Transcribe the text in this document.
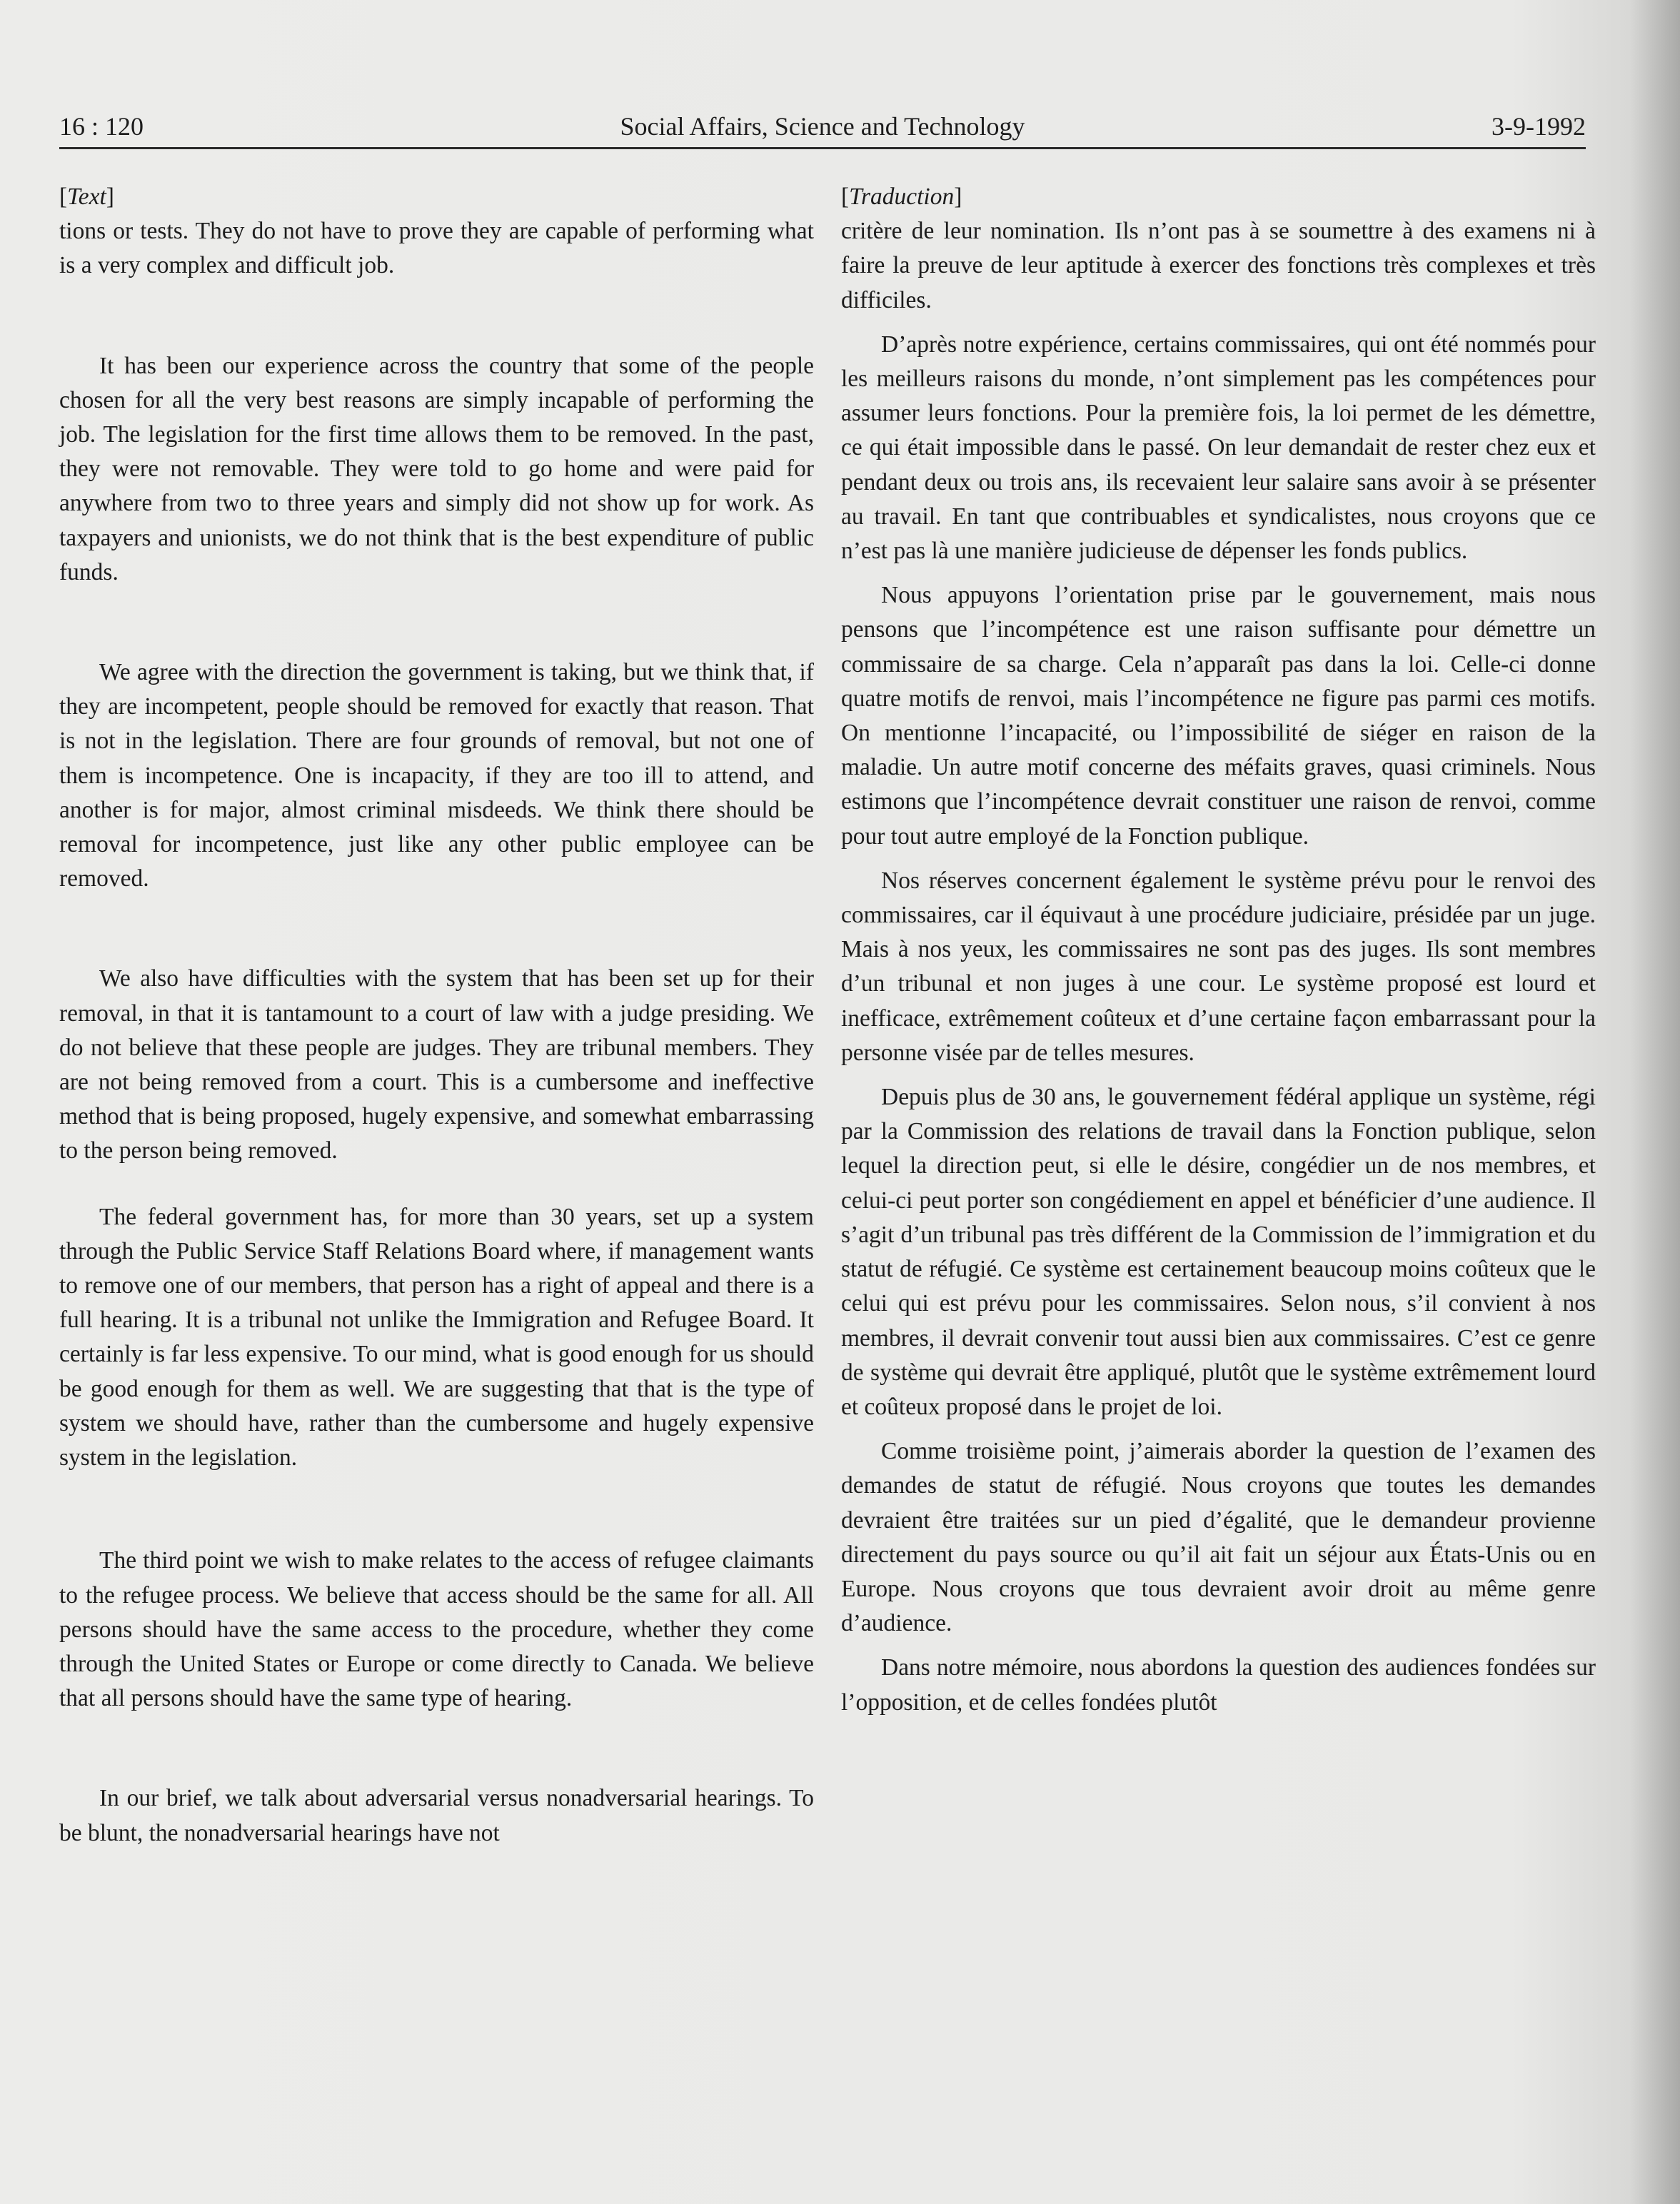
16 : 120	Social Affairs, Science and Technology	3-9-1992
[Text]

tions or tests. They do not have to prove they are capable of performing what is a very complex and difficult job.

It has been our experience across the country that some of the people chosen for all the very best reasons are simply incapable of performing the job. The legislation for the first time allows them to be removed. In the past, they were not removable. They were told to go home and were paid for anywhere from two to three years and simply did not show up for work. As taxpayers and unionists, we do not think that is the best expenditure of public funds.

We agree with the direction the government is taking, but we think that, if they are incompetent, people should be removed for exactly that reason. That is not in the legislation. There are four grounds of removal, but not one of them is incompetence. One is incapacity, if they are too ill to attend, and another is for major, almost criminal misdeeds. We think there should be removal for incompetence, just like any other public employee can be removed.

We also have difficulties with the system that has been set up for their removal, in that it is tantamount to a court of law with a judge presiding. We do not believe that these people are judges. They are tribunal members. They are not being removed from a court. This is a cumbersome and ineffective method that is being proposed, hugely expensive, and somewhat embarrassing to the person being removed.

The federal government has, for more than 30 years, set up a system through the Public Service Staff Relations Board where, if management wants to remove one of our members, that person has a right of appeal and there is a full hearing. It is a tribunal not unlike the Immigration and Refugee Board. It certainly is far less expensive. To our mind, what is good enough for us should be good enough for them as well. We are suggesting that that is the type of system we should have, rather than the cumbersome and hugely expensive system in the legislation.

The third point we wish to make relates to the access of refugee claimants to the refugee process. We believe that access should be the same for all. All persons should have the same access to the procedure, whether they come through the United States or Europe or come directly to Canada. We believe that all persons should have the same type of hearing.

In our brief, we talk about adversarial versus nonadversarial hearings. To be blunt, the nonadversarial hearings have not

[Traduction]

critère de leur nomination. Ils n’ont pas à se soumettre à des examens ni à faire la preuve de leur aptitude à exercer des fonctions très complexes et très difficiles.

D’après notre expérience, certains commissaires, qui ont été nommés pour les meilleurs raisons du monde, n’ont simplement pas les compétences pour assumer leurs fonctions. Pour la première fois, la loi permet de les démettre, ce qui était impossible dans le passé. On leur demandait de rester chez eux et pendant deux ou trois ans, ils recevaient leur salaire sans avoir à se présenter au travail. En tant que contribuables et syndicalistes, nous croyons que ce n’est pas là une manière judicieuse de dépenser les fonds publics.

Nous appuyons l’orientation prise par le gouvernement, mais nous pensons que l’incompétence est une raison suffisante pour démettre un commissaire de sa charge. Cela n’apparaît pas dans la loi. Celle-ci donne quatre motifs de renvoi, mais l’incompétence ne figure pas parmi ces motifs. On mentionne l’incapacité, ou l’impossibilité de siéger en raison de la maladie. Un autre motif concerne des méfaits graves, quasi criminels. Nous estimons que l’incompétence devrait constituer une raison de renvoi, comme pour tout autre employé de la Fonction publique.

Nos réserves concernent également le système prévu pour le renvoi des commissaires, car il équivaut à une procédure judiciaire, présidée par un juge. Mais à nos yeux, les commissaires ne sont pas des juges. Ils sont membres d’un tribunal et non juges à une cour. Le système proposé est lourd et inefficace, extrêmement coûteux et d’une certaine façon embarrassant pour la personne visée par de telles mesures.

Depuis plus de 30 ans, le gouvernement fédéral applique un système, régi par la Commission des relations de travail dans la Fonction publique, selon lequel la direction peut, si elle le désire, congédier un de nos membres, et celui-ci peut porter son congédiement en appel et bénéficier d’une audience. Il s’agit d’un tribunal pas très différent de la Commission de l’immigration et du statut de réfugié. Ce système est certainement beaucoup moins coûteux que le celui qui est prévu pour les commissaires. Selon nous, s’il convient à nos membres, il devrait convenir tout aussi bien aux commissaires. C’est ce genre de système qui devrait être appliqué, plutôt que le système extrêmement lourd et coûteux proposé dans le projet de loi.

Comme troisième point, j’aimerais aborder la question de l’examen des demandes de statut de réfugié. Nous croyons que toutes les demandes devraient être traitées sur un pied d’égalité, que le demandeur provienne directement du pays source ou qu’il ait fait un séjour aux États-Unis ou en Europe. Nous croyons que tous devraient avoir droit au même genre d’audience.

Dans notre mémoire, nous abordons la question des audiences fondées sur l’opposition, et de celles fondées plutôt
